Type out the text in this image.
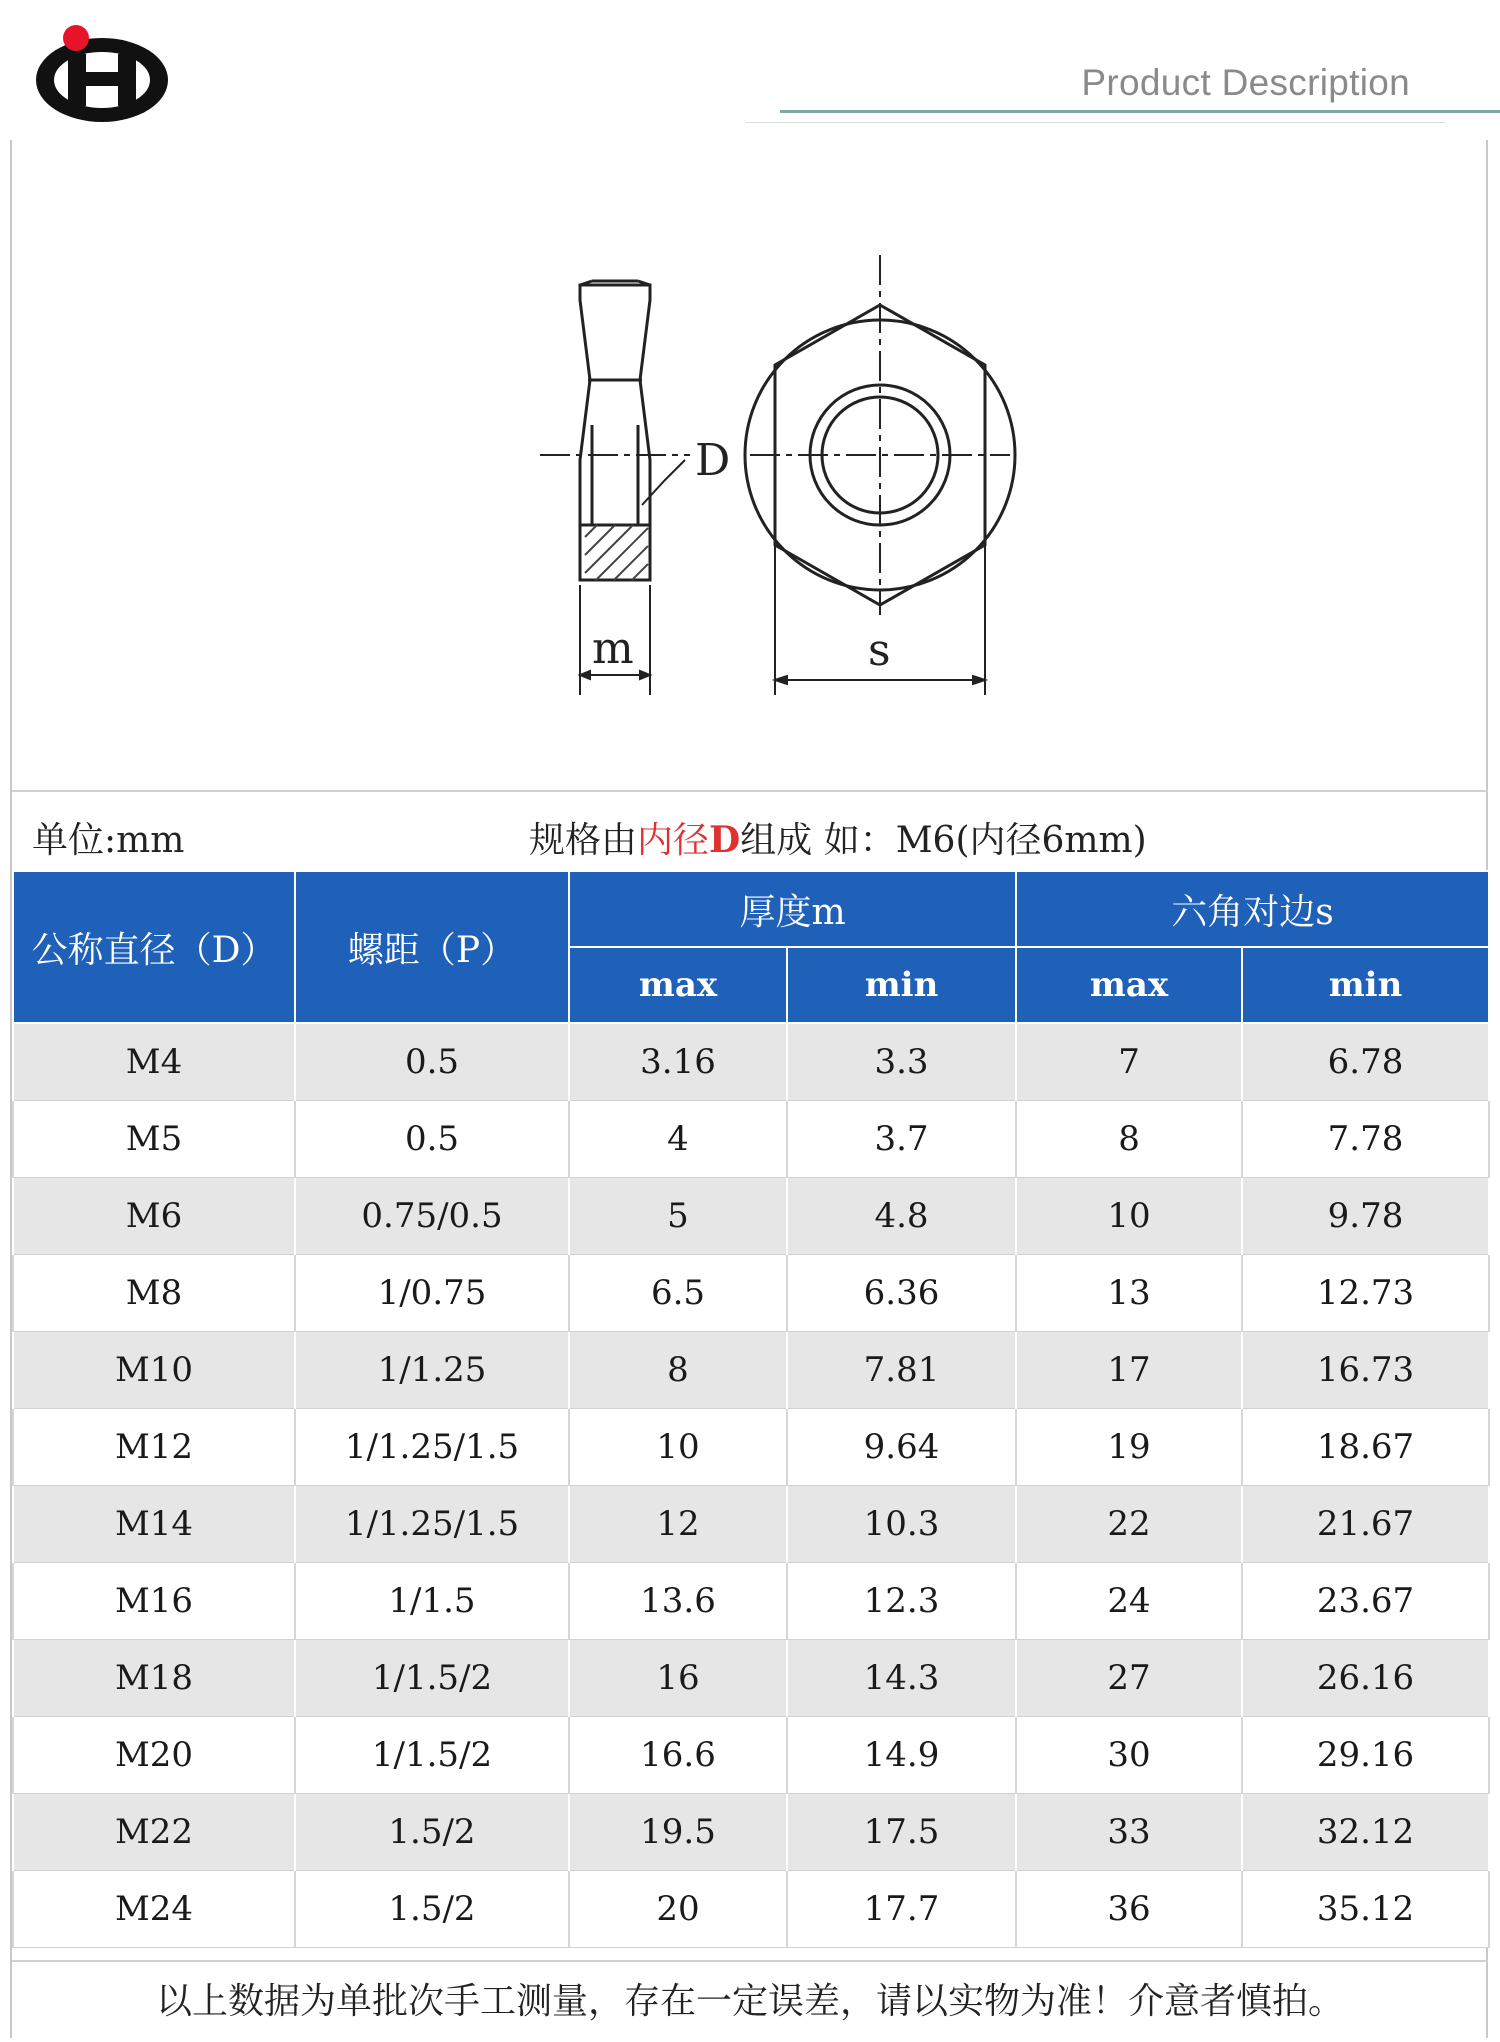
Product Description
D
m	s
单位:mm	规格由内径D组成 如：M6(内径6mm)
公称直径（D）	螺距（P）	厚度m		六角对边s	
		max	min	max	min
M4	0.5	3.16	3.3	7	6.78
M5	0.5	4	3.7	8	7.78
M6	0.75/0.5	5	4.8	10	9.78
M8	1/0.75	6.5	6.36	13	12.73
M10	1/1.25	8	7.81	17	16.73
M12	1/1.25/1.5	10	9.64	19	18.67
M14	1/1.25/1.5	12	10.3	22	21.67
M16	1/1.5	13.6	12.3	24	23.67
M18	1/1.5/2	16	14.3	27	26.16
M20	1/1.5/2	16.6	14.9	30	29.16
M22	1.5/2	19.5	17.5	33	32.12
M24	1.5/2	20	17.7	36	35.12
以上数据为单批次手工测量，存在一定误差，请以实物为准！介意者慎拍。
